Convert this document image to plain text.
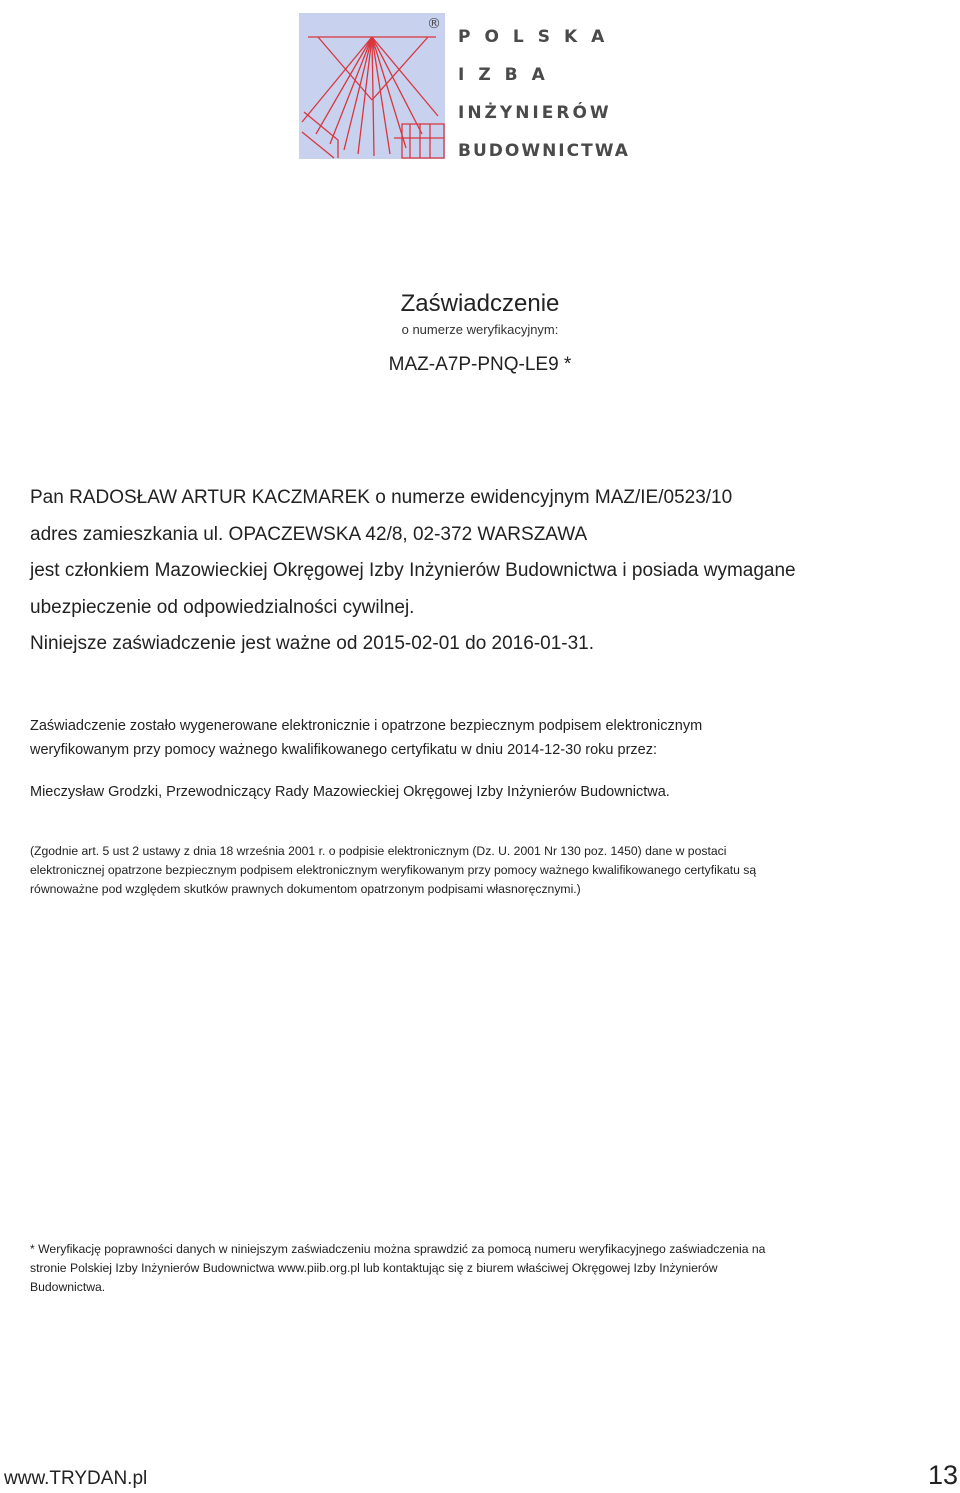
®
POLSKA
IZBA
INŻYNIERÓW
BUDOWNICTWA
Zaświadczenie
o numerze weryfikacyjnym:
MAZ-A7P-PNQ-LE9 *
Pan RADOSŁAW ARTUR KACZMAREK o numerze ewidencyjnym MAZ/IE/0523/10
adres zamieszkania ul. OPACZEWSKA 42/8, 02-372 WARSZAWA
jest członkiem Mazowieckiej Okręgowej Izby Inżynierów Budownictwa i posiada wymagane
ubezpieczenie od odpowiedzialności cywilnej.
Niniejsze zaświadczenie jest ważne od 2015-02-01 do 2016-01-31.
Zaświadczenie zostało wygenerowane elektronicznie i opatrzone bezpiecznym podpisem elektronicznym
weryfikowanym przy pomocy ważnego kwalifikowanego certyfikatu w dniu 2014-12-30 roku przez:
Mieczysław Grodzki, Przewodniczący Rady Mazowieckiej Okręgowej Izby Inżynierów Budownictwa.
(Zgodnie art. 5 ust 2 ustawy z dnia 18 września 2001 r. o podpisie elektronicznym (Dz. U. 2001 Nr 130 poz. 1450) dane w postaci
elektronicznej opatrzone bezpiecznym podpisem elektronicznym weryfikowanym przy pomocy ważnego kwalifikowanego certyfikatu są
równoważne pod względem skutków prawnych dokumentom opatrzonym podpisami własnoręcznymi.)
* Weryfikację poprawności danych w niniejszym zaświadczeniu można sprawdzić za pomocą numeru weryfikacyjnego zaświadczenia na
stronie Polskiej Izby Inżynierów Budownictwa www.piib.org.pl lub kontaktując się z biurem właściwej Okręgowej Izby Inżynierów
Budownictwa.
www.TRYDAN.pl	13
